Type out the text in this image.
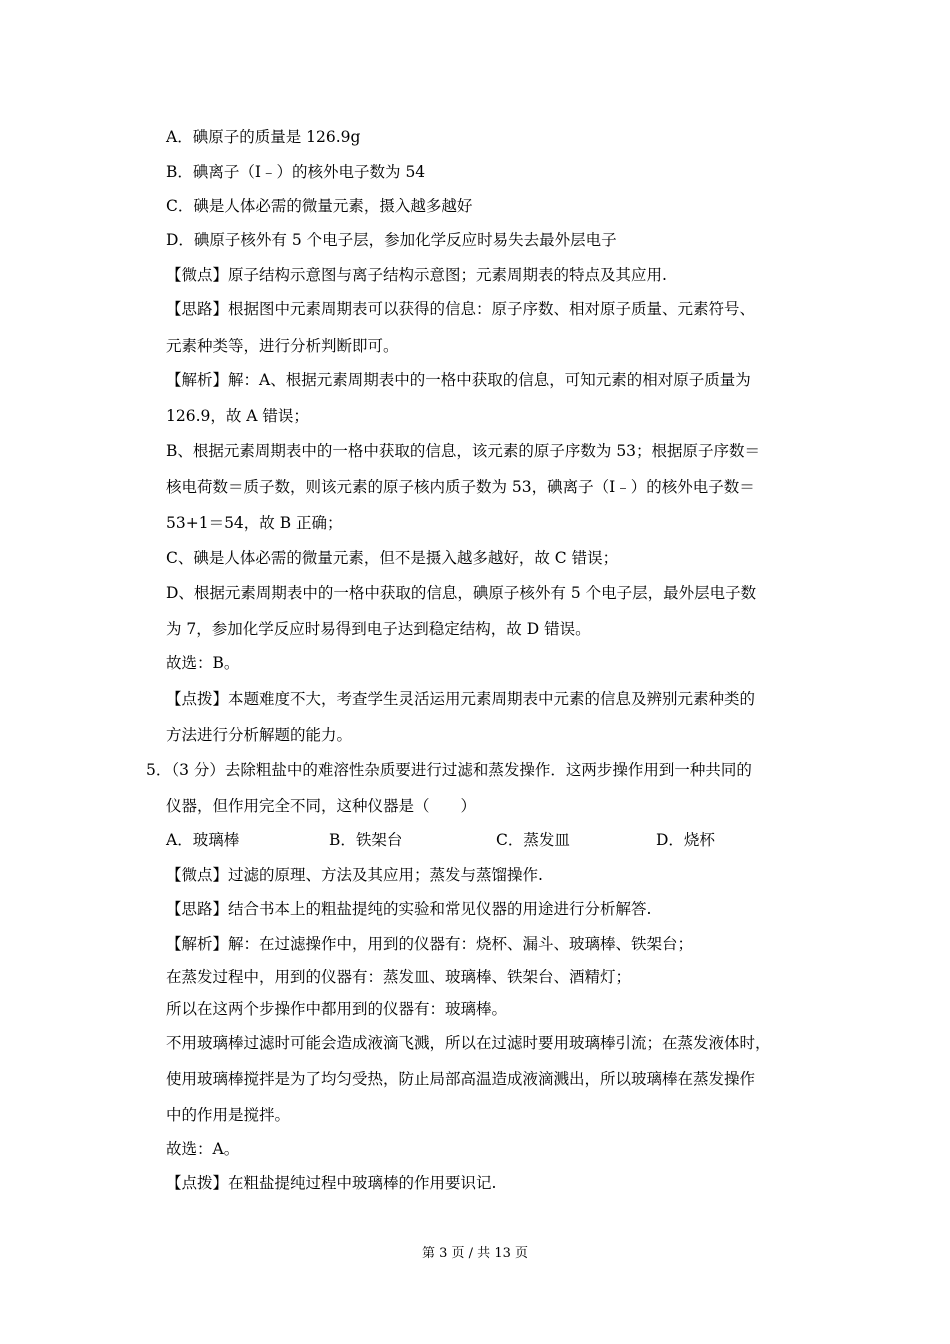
A．碘原子的质量是 126.9g
B．碘离子（I﹣）的核外电子数为 54
C．碘是人体必需的微量元素，摄入越多越好
D．碘原子核外有 5 个电子层，参加化学反应时易失去最外层电子
【微点】原子结构示意图与离子结构示意图；元素周期表的特点及其应用.
【思路】根据图中元素周期表可以获得的信息：原子序数、相对原子质量、元素符号、
元素种类等，进行分析判断即可。
【解析】解：A、根据元素周期表中的一格中获取的信息，可知元素的相对原子质量为
126.9，故 A 错误；
B、根据元素周期表中的一格中获取的信息，该元素的原子序数为 53；根据原子序数＝
核电荷数＝质子数，则该元素的原子核内质子数为 53，碘离子（I﹣）的核外电子数＝
53+1＝54，故 B 正确；
C、碘是人体必需的微量元素，但不是摄入越多越好，故 C 错误；
D、根据元素周期表中的一格中获取的信息，碘原子核外有 5 个电子层，最外层电子数
为 7，参加化学反应时易得到电子达到稳定结构，故 D 错误。
故选：B。
【点拨】本题难度不大，考查学生灵活运用元素周期表中元素的信息及辨别元素种类的
方法进行分析解题的能力。
5．（3 分）去除粗盐中的难溶性杂质要进行过滤和蒸发操作．这两步操作用到一种共同的
仪器，但作用完全不同，这种仪器是（　　）
A．玻璃棒	B．铁架台	C．蒸发皿	D．烧杯
【微点】过滤的原理、方法及其应用；蒸发与蒸馏操作.
【思路】结合书本上的粗盐提纯的实验和常见仪器的用途进行分析解答.
【解析】解：在过滤操作中，用到的仪器有：烧杯、漏斗、玻璃棒、铁架台；
在蒸发过程中，用到的仪器有：蒸发皿、玻璃棒、铁架台、酒精灯；
所以在这两个步操作中都用到的仪器有：玻璃棒。
不用玻璃棒过滤时可能会造成液滴飞溅，所以在过滤时要用玻璃棒引流；在蒸发液体时，
使用玻璃棒搅拌是为了均匀受热，防止局部高温造成液滴溅出，所以玻璃棒在蒸发操作
中的作用是搅拌。
故选：A。
【点拨】在粗盐提纯过程中玻璃棒的作用要识记.
第 3 页 / 共 13 页
